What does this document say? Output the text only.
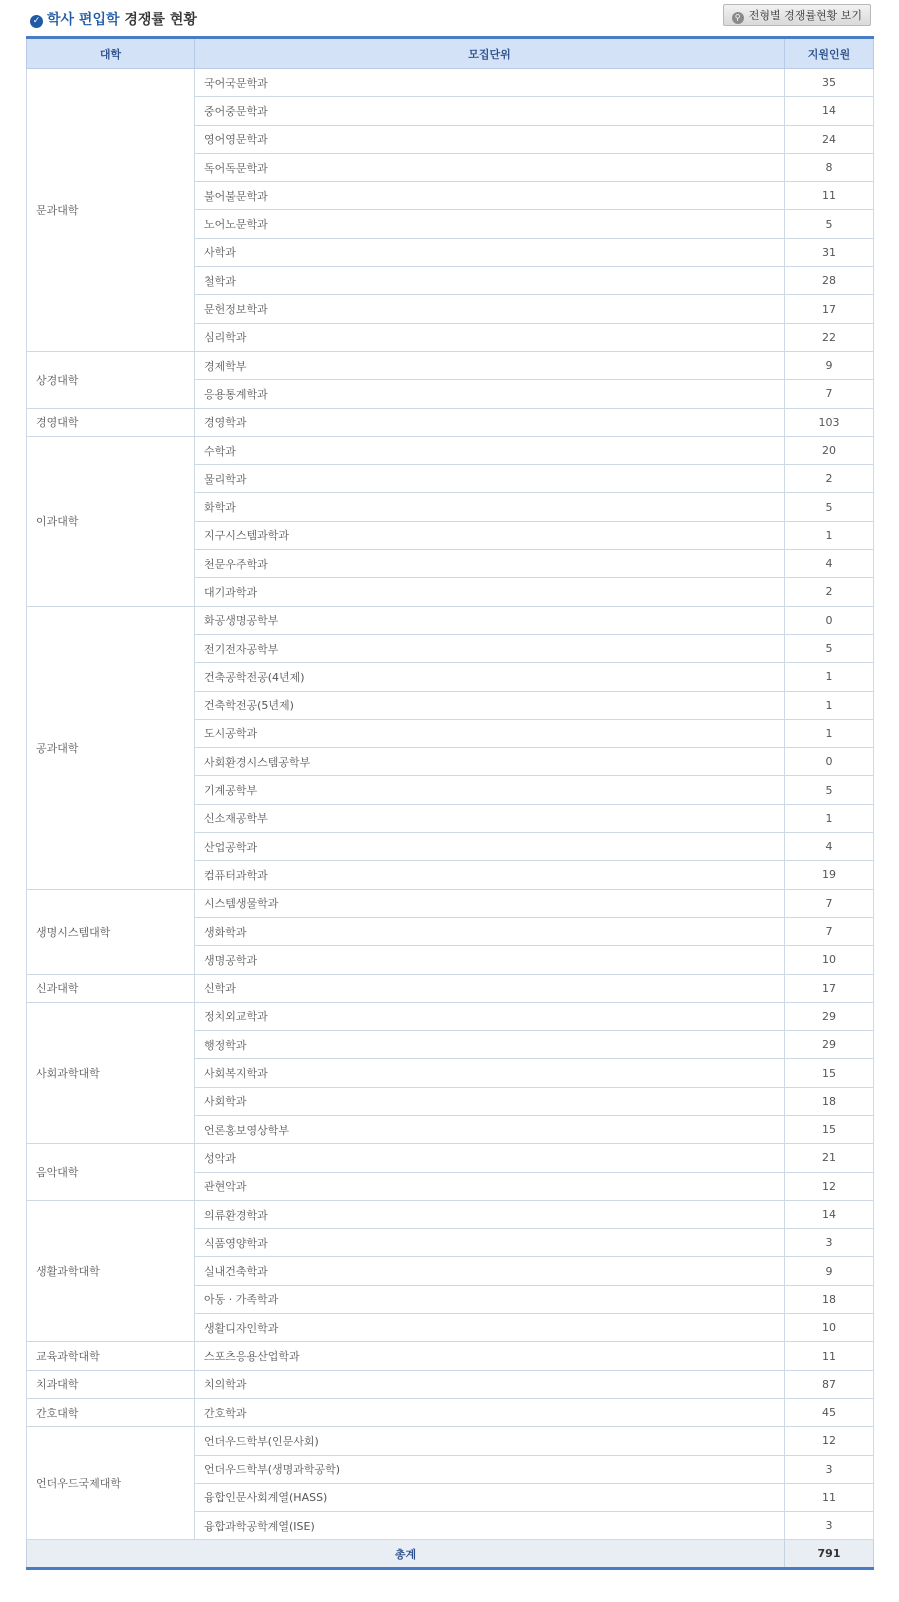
✓ 학사 편입학 경쟁률 현황	⚲ 전형별 경쟁률현황 보기
대학	모집단위	지원인원
문과대학	국어국문학과	35
	중어중문학과	14
	영어영문학과	24
	독어독문학과	8
	불어불문학과	11
	노어노문학과	5
	사학과	31
	철학과	28
	문헌정보학과	17
	심리학과	22
상경대학	경제학부	9
	응용통계학과	7
경영대학	경영학과	103
이과대학	수학과	20
	물리학과	2
	화학과	5
	지구시스템과학과	1
	천문우주학과	4
	대기과학과	2
공과대학	화공생명공학부	0
	전기전자공학부	5
	건축공학전공(4년제)	1
	건축학전공(5년제)	1
	도시공학과	1
	사회환경시스템공학부	0
	기계공학부	5
	신소재공학부	1
	산업공학과	4
	컴퓨터과학과	19
생명시스템대학	시스템생물학과	7
	생화학과	7
	생명공학과	10
신과대학	신학과	17
사회과학대학	정치외교학과	29
	행정학과	29
	사회복지학과	15
	사회학과	18
	언론홍보영상학부	15
음악대학	성악과	21
	관현악과	12
생활과학대학	의류환경학과	14
	식품영양학과	3
	실내건축학과	9
	아동 · 가족학과	18
	생활디자인학과	10
교육과학대학	스포츠응용산업학과	11
치과대학	치의학과	87
간호대학	간호학과	45
언더우드국제대학	언더우드학부(인문사회)	12
	언더우드학부(생명과학공학)	3
	융합인문사회계열(HASS)	11
	융합과학공학계열(ISE)	3
총계		791
